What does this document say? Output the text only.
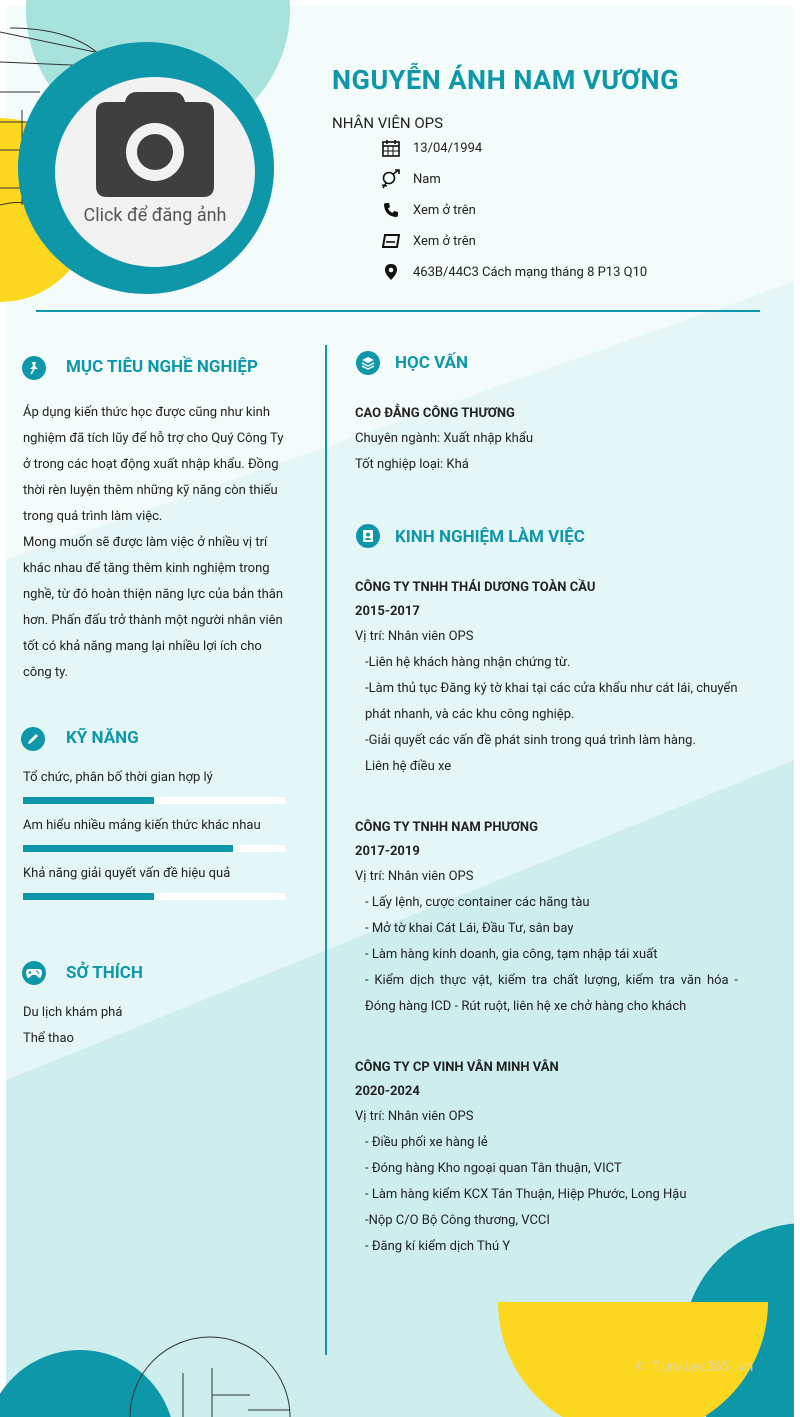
Click để đăng ảnh
NGUYỄN ÁNH NAM VƯƠNG
NHÂN VIÊN OPS
13/04/1994
Nam
Xem ở trên
Xem ở trên
463B/44C3 Cách mạng tháng 8 P13 Q10
MỤC TIÊU NGHỀ NGHIỆP
Áp dụng kiến thức học được cũng như kinh
nghiệm đã tích lũy để hỗ trợ cho Quý Công Ty
ở trong các hoạt động xuất nhập khẩu. Đồng
thời rèn luyện thêm những kỹ năng còn thiếu
trong quá trình làm việc.
Mong muốn sẽ được làm việc ở nhiều vị trí
khác nhau để tăng thêm kinh nghiệm trong
nghề, từ đó hoàn thiện năng lực của bản thân
hơn. Phấn đấu trở thành một người nhân viên
tốt có khả năng mang lại nhiều lợi ích cho
công ty.
KỸ NĂNG
Tổ chức, phân bố thời gian hợp lý
Am hiểu nhiều mảng kiến thức khác nhau
Khả năng giải quyết vấn đề hiệu quả
SỞ THÍCH
Du lịch khám phá
Thể thao
HỌC VẤN
CAO ĐẲNG CÔNG THƯƠNG
Chuyên ngành: Xuất nhập khẩu
Tốt nghiệp loại: Khá
KINH NGHIỆM LÀM VIỆC
CÔNG TY TNHH THÁI DƯƠNG TOÀN CẦU
2015-2017
Vị trí: Nhân viên OPS
-Liên hệ khách hàng nhận chứng từ.
-Làm thủ tục Đăng ký tờ khai tại các cửa khẩu như cát lái, chuyển
phát nhanh, và các khu công nghiệp.
-Giải quyết các vấn đề phát sinh trong quá trình làm hàng.
Liên hệ điều xe
CÔNG TY TNHH NAM PHƯƠNG
2017-2019
Vị trí: Nhân viên OPS
- Lấy lệnh, cược container các hãng tàu
- Mở tờ khai Cát Lái, Đầu Tư, sân bay
- Làm hàng kinh doanh, gia công, tạm nhập tái xuất
- Kiểm dịch thực vật, kiểm tra chất lượng, kiểm tra văn hóa -
Đóng hàng ICD - Rút ruột, liên hệ xe chở hàng cho khách
CÔNG TY CP VINH VÂN MINH VÂN
2020-2024
Vị trí: Nhân viên OPS
- Điều phối xe hàng lẻ
- Đóng hàng Kho ngoại quan Tân thuận, VICT
- Làm hàng kiểm KCX Tân Thuận, Hiệp Phước, Long Hậu
-Nộp C/O Bộ Công thương, VCCI
- Đăng kí kiểm dịch Thú Y
© Timviec365.vn
